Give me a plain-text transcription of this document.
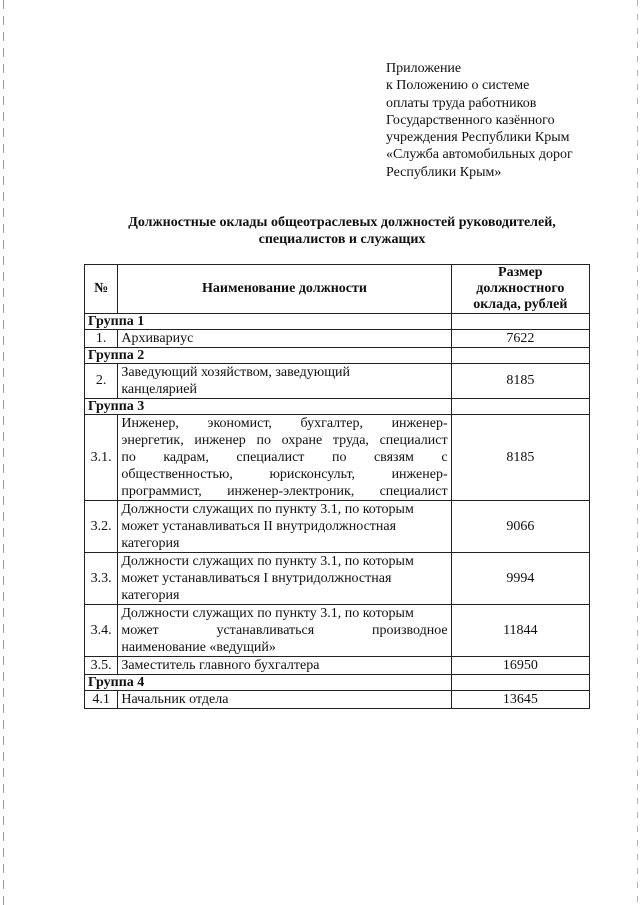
Приложение
к Положению о системе
оплаты труда работников
Государственного казённого
учреждения Республики Крым
«Служба автомобильных дорог
Республики Крым»
Должностные оклады общеотраслевых должностей руководителей,
специалистов и служащих
№	Наименование должности	Размер
должностного
оклада, рублей

Группа 1		
1.	Архивариус	7622
Группа 2		
2.	Заведующий хозяйством, заведующий
канцелярией	8185
Группа 3		
3.1.	Инженер, экономист, бухгалтер, инженер-
энергетик, инженер по охране труда, специалист
по кадрам, специалист по связям с
общественностью, юрисконсульт, инженер-
программист, инженер-электроник, специалист	8185
3.2.	Должности служащих по пункту 3.1, по которым
может устанавливаться II внутридолжностная
категория	9066
3.3.	Должности служащих по пункту 3.1, по которым
может устанавливаться I внутридолжностная
категория	9994
3.4.	Должности служащих по пункту 3.1, по которым
может устанавливаться производное
наименование «ведущий»	11844
3.5.	Заместитель главного бухгалтера	16950
Группа 4		
4.1	Начальник отдела	13645
